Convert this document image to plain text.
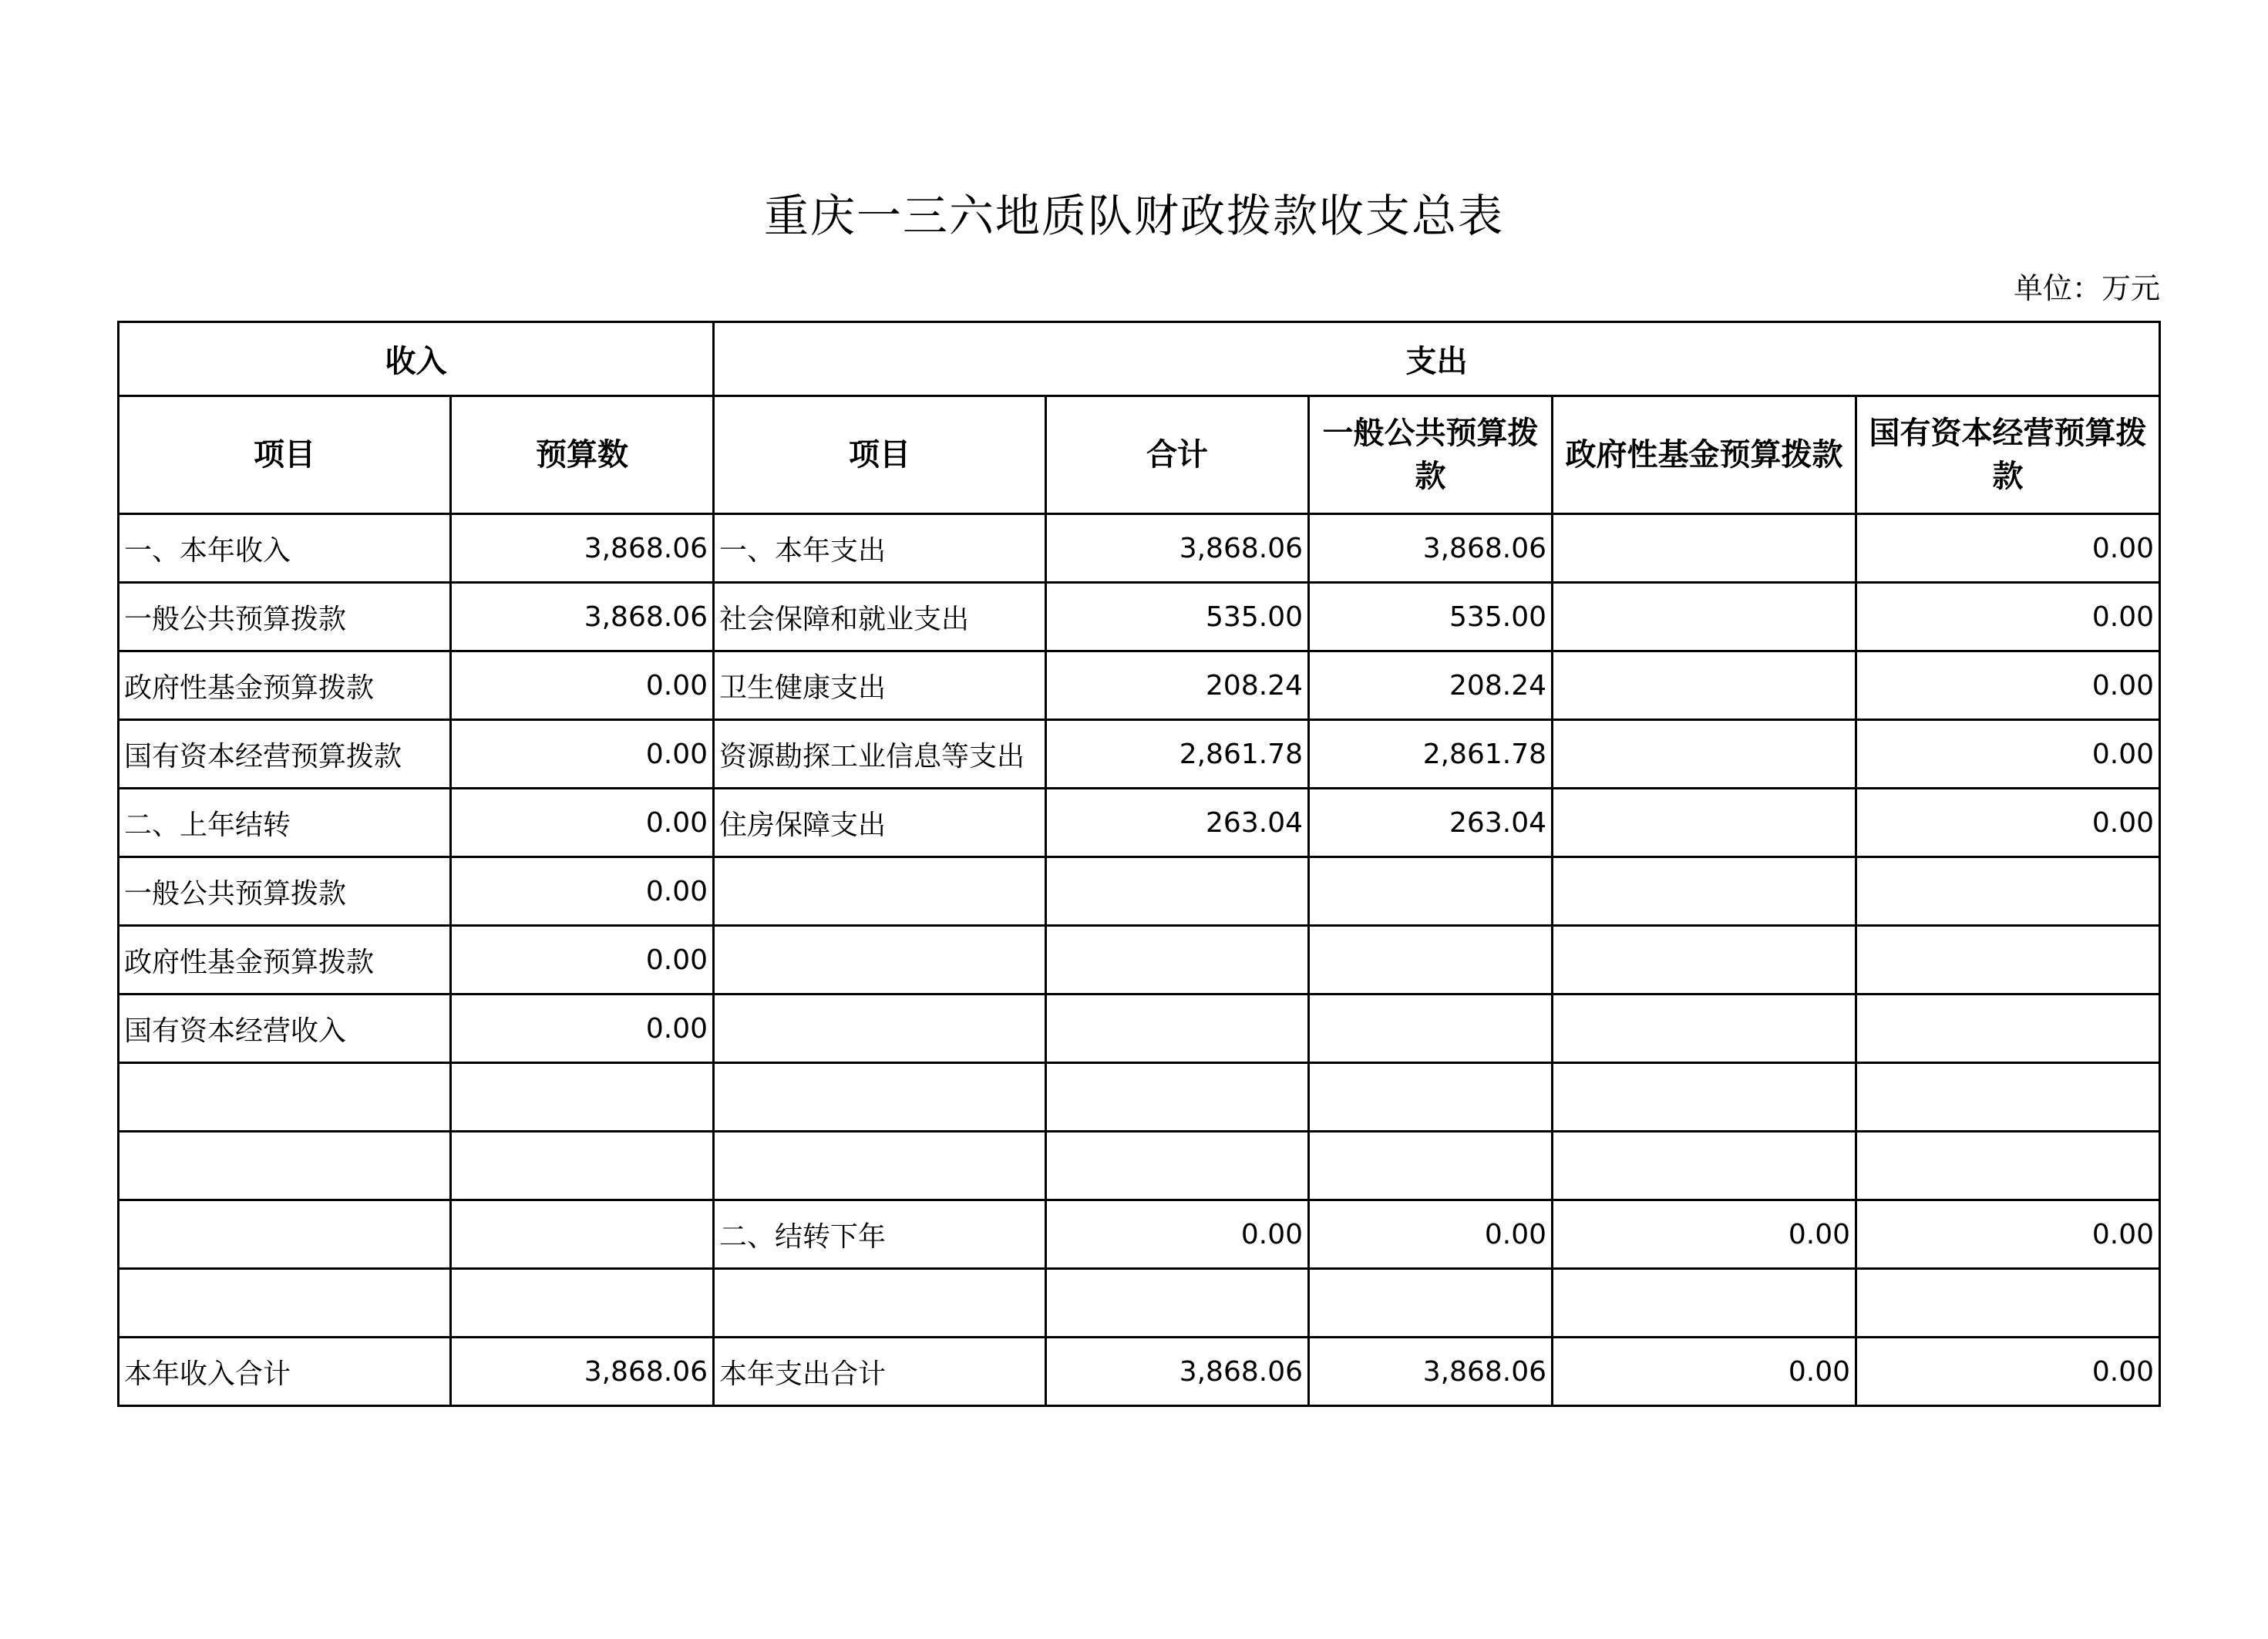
重庆一三六地质队财政拨款收支总表
单位：万元
收入		支出				
项目	预算数	项目	合计	一般公共预算拨款	政府性基金预算拨款	国有资本经营预算拨款
一、本年收入	3,868.06	一、本年支出	3,868.06	3,868.06		0.00
一般公共预算拨款	3,868.06	社会保障和就业支出	535.00	535.00		0.00
政府性基金预算拨款	0.00	卫生健康支出	208.24	208.24		0.00
国有资本经营预算拨款	0.00	资源勘探工业信息等支出	2,861.78	2,861.78		0.00
二、上年结转	0.00	住房保障支出	263.04	263.04		0.00
一般公共预算拨款	0.00					
政府性基金预算拨款	0.00					
国有资本经营收入	0.00					

		二、结转下年	0.00	0.00	0.00	0.00

本年收入合计	3,868.06	本年支出合计	3,868.06	3,868.06	0.00	0.00
